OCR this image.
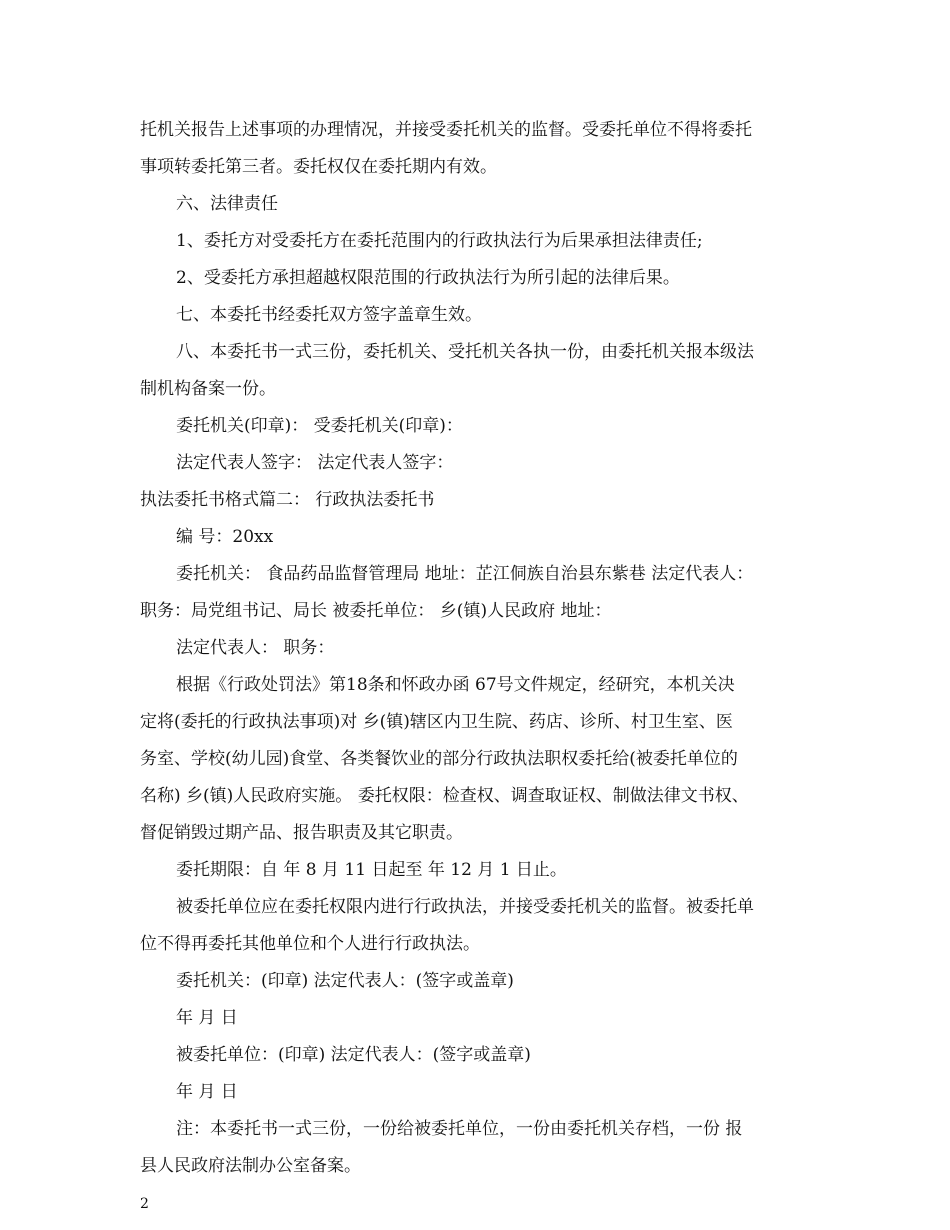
托机关报告上述事项的办理情况，并接受委托机关的监督。受委托单位不得将委托
事项转委托第三者。委托权仅在委托期内有效。
六、法律责任
1、委托方对受委托方在委托范围内的行政执法行为后果承担法律责任;
2、受委托方承担超越权限范围的行政执法行为所引起的法律后果。
七、本委托书经委托双方签字盖章生效。
八、本委托书一式三份，委托机关、受托机关各执一份，由委托机关报本级法
制机构备案一份。
委托机关(印章)： 受委托机关(印章)：
法定代表人签字： 法定代表人签字：
执法委托书格式篇二： 行政执法委托书
编 号：20xx
委托机关： 食品药品监督管理局 地址：芷江侗族自治县东紫巷 法定代表人：
职务：局党组书记、局长 被委托单位： 乡(镇)人民政府 地址：
法定代表人： 职务：
根据《行政处罚法》第18条和怀政办函 67号文件规定，经研究，本机关决
定将(委托的行政执法事项)对 乡(镇)辖区内卫生院、药店、诊所、村卫生室、医
务室、学校(幼儿园)食堂、各类餐饮业的部分行政执法职权委托给(被委托单位的
名称) 乡(镇)人民政府实施。 委托权限：检查权、调查取证权、制做法律文书权、
督促销毁过期产品、报告职责及其它职责。
委托期限：自 年 8 月 11 日起至 年 12 月 1 日止。
被委托单位应在委托权限内进行行政执法，并接受委托机关的监督。被委托单
位不得再委托其他单位和个人进行行政执法。
委托机关：(印章) 法定代表人：(签字或盖章)
年 月 日
被委托单位：(印章) 法定代表人：(签字或盖章)
年 月 日
注：本委托书一式三份，一份给被委托单位，一份由委托机关存档，一份 报
县人民政府法制办公室备案。
2
